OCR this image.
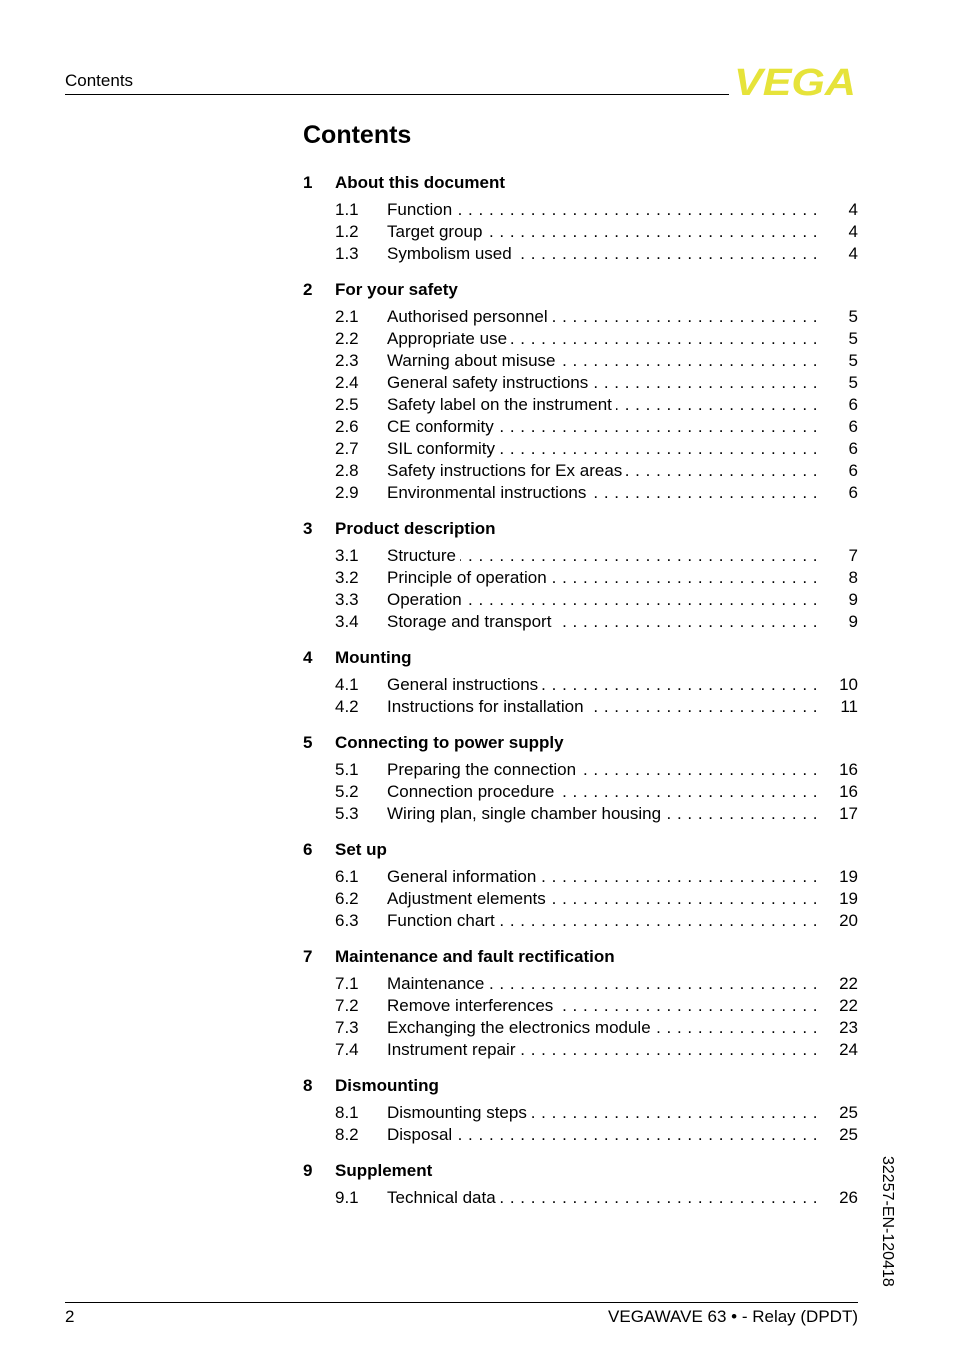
Contents	VEGA
Contents
1	About this document
1.1	Function . . .	4
1.2	Target group . . .	4
1.3	Symbolism used . . .	4
2	For your safety
2.1	Authorised personnel . . .	5
2.2	Appropriate use . . .	5
2.3	Warning about misuse . . .	5
2.4	General safety instructions . . .	5
2.5	Safety label on the instrument . . .	6
2.6	CE conformity . . .	6
2.7	SIL conformity . . .	6
2.8	Safety instructions for Ex areas . . .	6
2.9	Environmental instructions . . .	6
3	Product description
3.1	Structure . . .	7
3.2	Principle of operation . . .	8
3.3	Operation . . .	9
3.4	Storage and transport . . .	9
4	Mounting
4.1	General instructions . . .	10
4.2	Instructions for installation . . .	11
5	Connecting to power supply
5.1	Preparing the connection . . .	16
5.2	Connection procedure . . .	16
5.3	Wiring plan, single chamber housing . . .	17
6	Set up
6.1	General information . . .	19
6.2	Adjustment elements . . .	19
6.3	Function chart . . .	20
7	Maintenance and fault rectification
7.1	Maintenance . . .	22
7.2	Remove interferences . . .	22
7.3	Exchanging the electronics module . . .	23
7.4	Instrument repair . . .	24
8	Dismounting
8.1	Dismounting steps . . .	25
8.2	Disposal . . .	25
9	Supplement
9.1	Technical data . . .	26 32257-EN-120418
2	VEGAWAVE 63 • - Relay (DPDT)
